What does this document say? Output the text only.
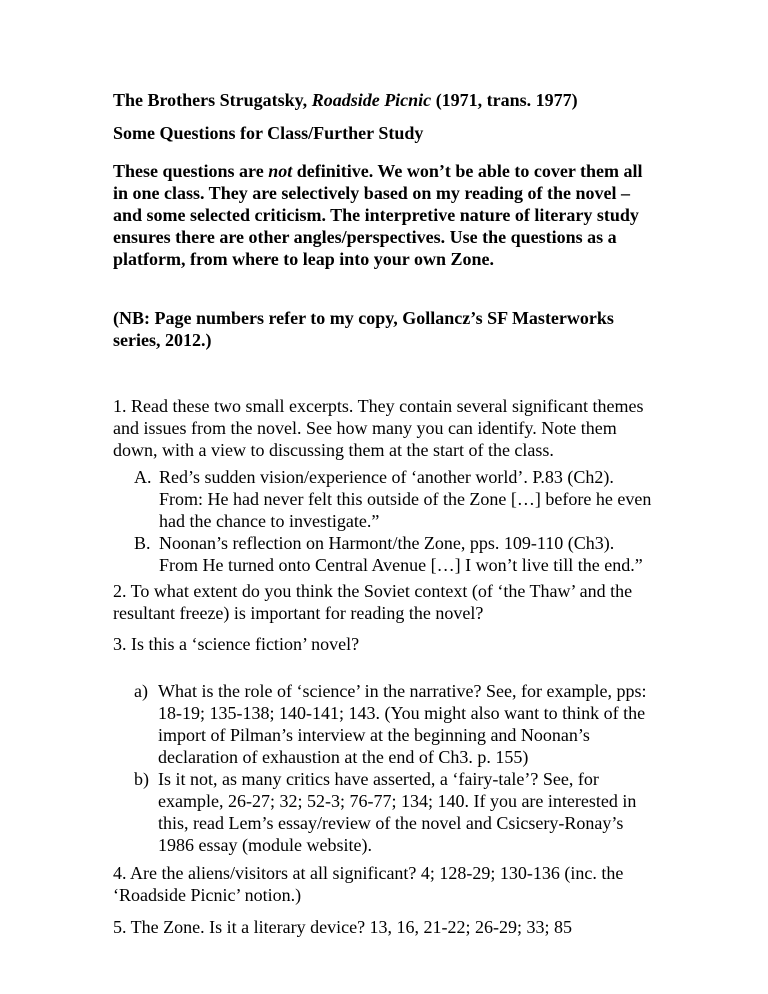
The Brothers Strugatsky, Roadside Picnic (1971, trans. 1977)

Some Questions for Class/Further Study

These questions are not definitive. We won’t be able to cover them all in one class. They are selectively based on my reading of the novel – and some selected criticism. The interpretive nature of literary study ensures there are other angles/perspectives. Use the questions as a platform, from where to leap into your own Zone.

(NB: Page numbers refer to my copy, Gollancz’s SF Masterworks series, 2012.)

1. Read these two small excerpts. They contain several significant themes and issues from the novel. See how many you can identify. Note them down, with a view to discussing them at the start of the class.

A. Red’s sudden vision/experience of ‘another world’. P.83 (Ch2). From: He had never felt this outside of the Zone […] before he even had the chance to investigate.”

B. Noonan’s reflection on Harmont/the Zone, pps. 109-110 (Ch3). From He turned onto Central Avenue […] I won’t live till the end.”

2. To what extent do you think the Soviet context (of ‘the Thaw’ and the resultant freeze) is important for reading the novel?

3. Is this a ‘science fiction’ novel?

a) What is the role of ‘science’ in the narrative? See, for example, pps: 18-19; 135-138; 140-141; 143. (You might also want to think of the import of Pilman’s interview at the beginning and Noonan’s declaration of exhaustion at the end of Ch3. p. 155)

b) Is it not, as many critics have asserted, a ‘fairy-tale’? See, for example, 26-27; 32; 52-3; 76-77; 134; 140. If you are interested in this, read Lem’s essay/review of the novel and Csicsery-Ronay’s 1986 essay (module website).

4. Are the aliens/visitors at all significant? 4; 128-29; 130-136 (inc. the ‘Roadside Picnic’ notion.)

5. The Zone. Is it a literary device? 13, 16, 21-22; 26-29; 33; 85
